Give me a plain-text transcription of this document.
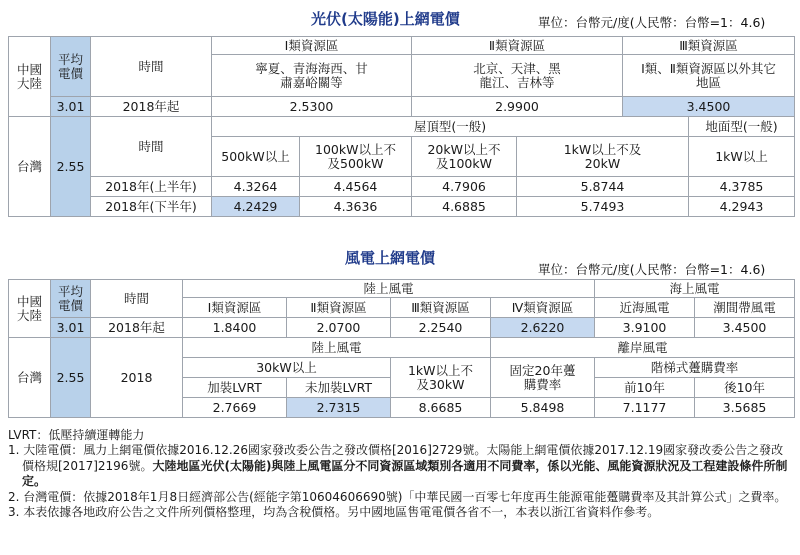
光伏(太陽能)上網電價	單位：台幣元/度(人民幣：台幣=1：4.6)
中國大陸	平均電價	時間	Ⅰ類資源區		Ⅱ類資源區		Ⅲ類資源區	
			寧夏、青海海西、甘肅嘉峪關等		北京、天津、黑龍江、吉林等		Ⅰ類、Ⅱ類資源區以外其它地區	
	3.01	2018年起	2.5300		2.9900		3.4500	
台灣	2.55	時間	屋頂型(一般)					地面型(一般)
			500kW以上	100kW以上不及500kW	20kW以上不及100kW	1kW以上不及20kW		1kW以上
		2018年(上半年)	4.3264	4.4564	4.7906	5.8744		4.3785
		2018年(下半年)	4.2429	4.3636	4.6885	5.7493		4.2943
風電上網電價
單位：台幣元/度(人民幣：台幣=1：4.6)
中國大陸	平均電價	時間	陸上風電				海上風電	
			Ⅰ類資源區	Ⅱ類資源區	Ⅲ類資源區	Ⅳ類資源區	近海風電	潮間帶風電
	3.01	2018年起	1.8400	2.0700	2.2540	2.6220	3.9100	3.4500
台灣	2.55	2018	陸上風電			離岸風電		
			30kW以上		1kW以上不及30kW	固定20年躉購費率	階梯式躉購費率	
			加裝LVRT	未加裝LVRT			前10年	後10年
			2.7669	2.7315	8.6685	5.8498	7.1177	3.5685
LVRT：低壓持續運轉能力
1. 大陸電價：風力上網電價依據2016.12.26國家發改委公告之發改價格[2016]2729號。太陽能上網電價依據2017.12.19國家發改委公告之發改價格規[2017]2196號。大陸地區光伏(太陽能)與陸上風電區分不同資源區域類別各適用不同費率，係以光能、風能資源狀況及工程建設條件所制定。
2. 台灣電價：依據2018年1月8日經濟部公告(經能字第10604606690號)「中華民國一百零七年度再生能源電能躉購費率及其計算公式」之費率。
3. 本表依據各地政府公告之文件所列價格整理，均為含稅價格。另中國地區售電電價各省不一，本表以浙江省資料作參考。
